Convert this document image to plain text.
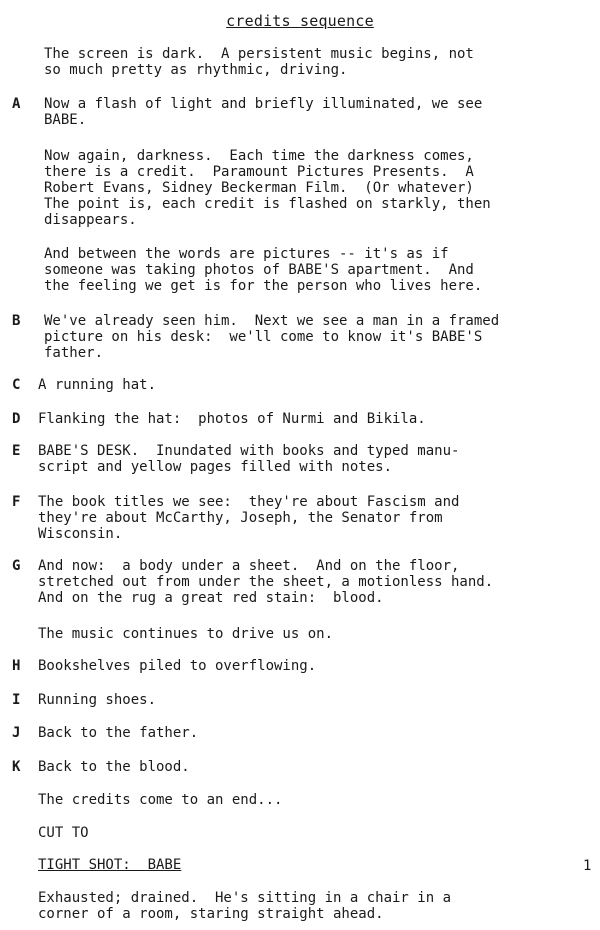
credits sequence
The screen is dark.  A persistent music begins, not
so much pretty as rhythmic, driving.
A	Now a flash of light and briefly illuminated, we see
BABE.
Now again, darkness.  Each time the darkness comes,
there is a credit.  Paramount Pictures Presents.  A
Robert Evans, Sidney Beckerman Film.  (Or whatever)
The point is, each credit is flashed on starkly, then
disappears.
And between the words are pictures -- it's as if
someone was taking photos of BABE'S apartment.  And
the feeling we get is for the person who lives here.
B	We've already seen him.  Next we see a man in a framed
picture on his desk:  we'll come to know it's BABE'S
father.
C	A running hat.
D	Flanking the hat:  photos of Nurmi and Bikila.
E	BABE'S DESK.  Inundated with books and typed manu-
script and yellow pages filled with notes.
F	The book titles we see:  they're about Fascism and
they're about McCarthy, Joseph, the Senator from
Wisconsin.
G	And now:  a body under a sheet.  And on the floor,
stretched out from under the sheet, a motionless hand.
And on the rug a great red stain:  blood.
The music continues to drive us on.
H	Bookshelves piled to overflowing.
I	Running shoes.
J	Back to the father.
K	Back to the blood.
The credits come to an end...
CUT TO
TIGHT SHOT:  BABE
Exhausted; drained.  He's sitting in a chair in a
corner of a room, staring straight ahead.
1
